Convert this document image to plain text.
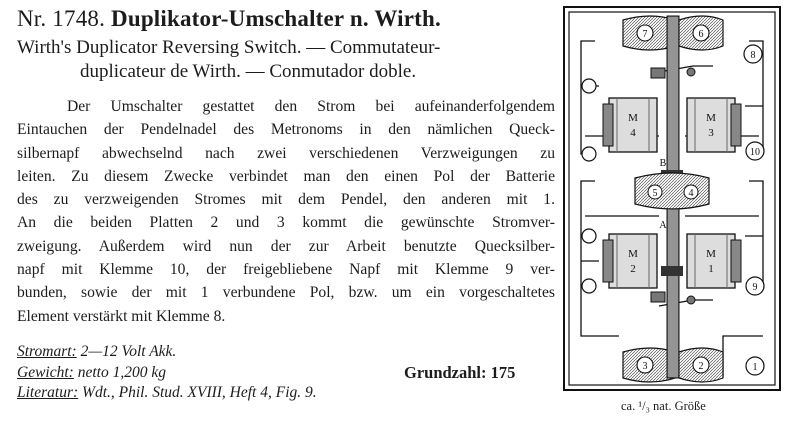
Nr. 1748. Duplikator-Umschalter n. Wirth.
Wirth's Duplicator Reversing Switch. — Commutateur-
duplicateur de Wirth. — Conmutador doble.
Der Umschalter gestattet den Strom bei aufeinanderfolgendem
Eintauchen der Pendelnadel des Metronoms in den nämlichen Queck-
silbernapf abwechselnd nach zwei verschiedenen Verzweigungen zu
leiten. Zu diesem Zwecke verbindet man den einen Pol der Batterie
des zu verzweigenden Stromes mit dem Pendel, den anderen mit 1.
An die beiden Platten 2 und 3 kommt die gewünschte Stromver-
zweigung. Außerdem wird nun der zur Arbeit benutzte Quecksilber-
napf mit Klemme 10, der freigebliebene Napf mit Klemme 9 ver-
bunden, sowie der mit 1 verbundene Pol, bzw. um ein vorgeschaltetes
Element verstärkt mit Klemme 8.
Stromart: 2—12 Volt Akk.
Gewicht: netto 1,200 kg
Literatur: Wdt., Phil. Stud. XVIII, Heft 4, Fig. 9.
Grundzahl: 175
M
4
M
3
M
2
M
1
1
2
3
4
5
6
7
8
9
10
A
B
ca. ¹/₃ nat. Größe
